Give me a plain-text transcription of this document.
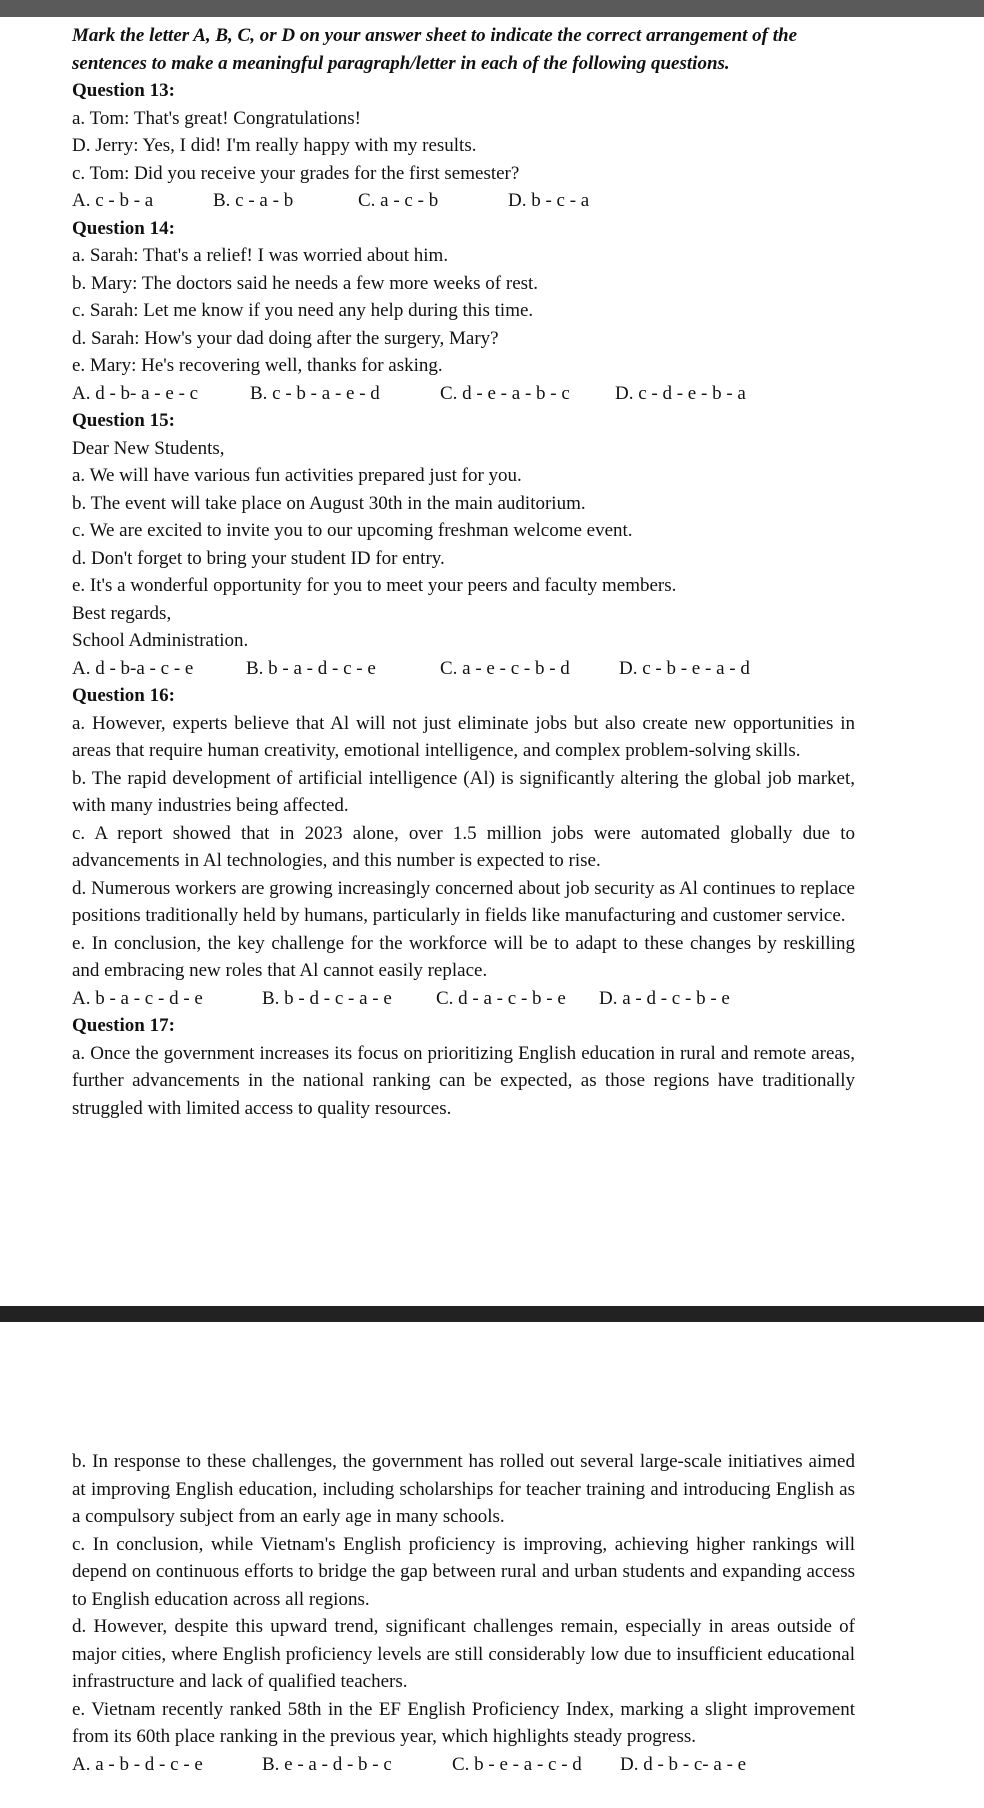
Mark the letter A, B, C, or D on your answer sheet to indicate the correct arrangement of the sentences to make a meaningful paragraph/letter in each of the following questions.

Question 13:

a. Tom: That's great! Congratulations!

D. Jerry: Yes, I did! I'm really happy with my results.

c. Tom: Did you receive your grades for the first semester?

A. c - b - a	B. c - a - b	C. a - c - b	D. b - c - a

Question 14:

a. Sarah: That's a relief! I was worried about him.

b. Mary: The doctors said he needs a few more weeks of rest.

c. Sarah: Let me know if you need any help during this time.

d. Sarah: How's your dad doing after the surgery, Mary?

e. Mary: He's recovering well, thanks for asking.

A. d - b- a - e - c	B. c - b - a - e - d	C. d - e - a - b - c	D. c - d - e - b - a

Question 15:

Dear New Students,

a. We will have various fun activities prepared just for you.

b. The event will take place on August 30th in the main auditorium.

c. We are excited to invite you to our upcoming freshman welcome event.

d. Don't forget to bring your student ID for entry.

e. It's a wonderful opportunity for you to meet your peers and faculty members.

Best regards,

School Administration.

A. d - b-a - c - e	B. b - a - d - c - e	C. a - e - c - b - d	D. c - b - e - a - d

Question 16:

a. However, experts believe that Al will not just eliminate jobs but also create new opportunities in areas that require human creativity, emotional intelligence, and complex problem-solving skills.

b. The rapid development of artificial intelligence (Al) is significantly altering the global job market, with many industries being affected.

c. A report showed that in 2023 alone, over 1.5 million jobs were automated globally due to advancements in Al technologies, and this number is expected to rise.

d. Numerous workers are growing increasingly concerned about job security as Al continues to replace positions traditionally held by humans, particularly in fields like manufacturing and customer service.

e. In conclusion, the key challenge for the workforce will be to adapt to these changes by reskilling and embracing new roles that Al cannot easily replace.

A. b - a - c - d - e	B. b - d - c - a - e	C. d - a - c - b - e	D. a - d - c - b - e

Question 17:

a. Once the government increases its focus on prioritizing English education in rural and remote areas, further advancements in the national ranking can be expected, as those regions have traditionally struggled with limited access to quality resources.

b. In response to these challenges, the government has rolled out several large-scale initiatives aimed at improving English education, including scholarships for teacher training and introducing English as a compulsory subject from an early age in many schools.

c. In conclusion, while Vietnam's English proficiency is improving, achieving higher rankings will depend on continuous efforts to bridge the gap between rural and urban students and expanding access to English education across all regions.

d. However, despite this upward trend, significant challenges remain, especially in areas outside of major cities, where English proficiency levels are still considerably low due to insufficient educational infrastructure and lack of qualified teachers.

e. Vietnam recently ranked 58th in the EF English Proficiency Index, marking a slight improvement from its 60th place ranking in the previous year, which highlights steady progress.

A. a - b - d - c - e	B. e - a - d - b - c	C. b - e - a - c - d	D. d - b - c- a - e
